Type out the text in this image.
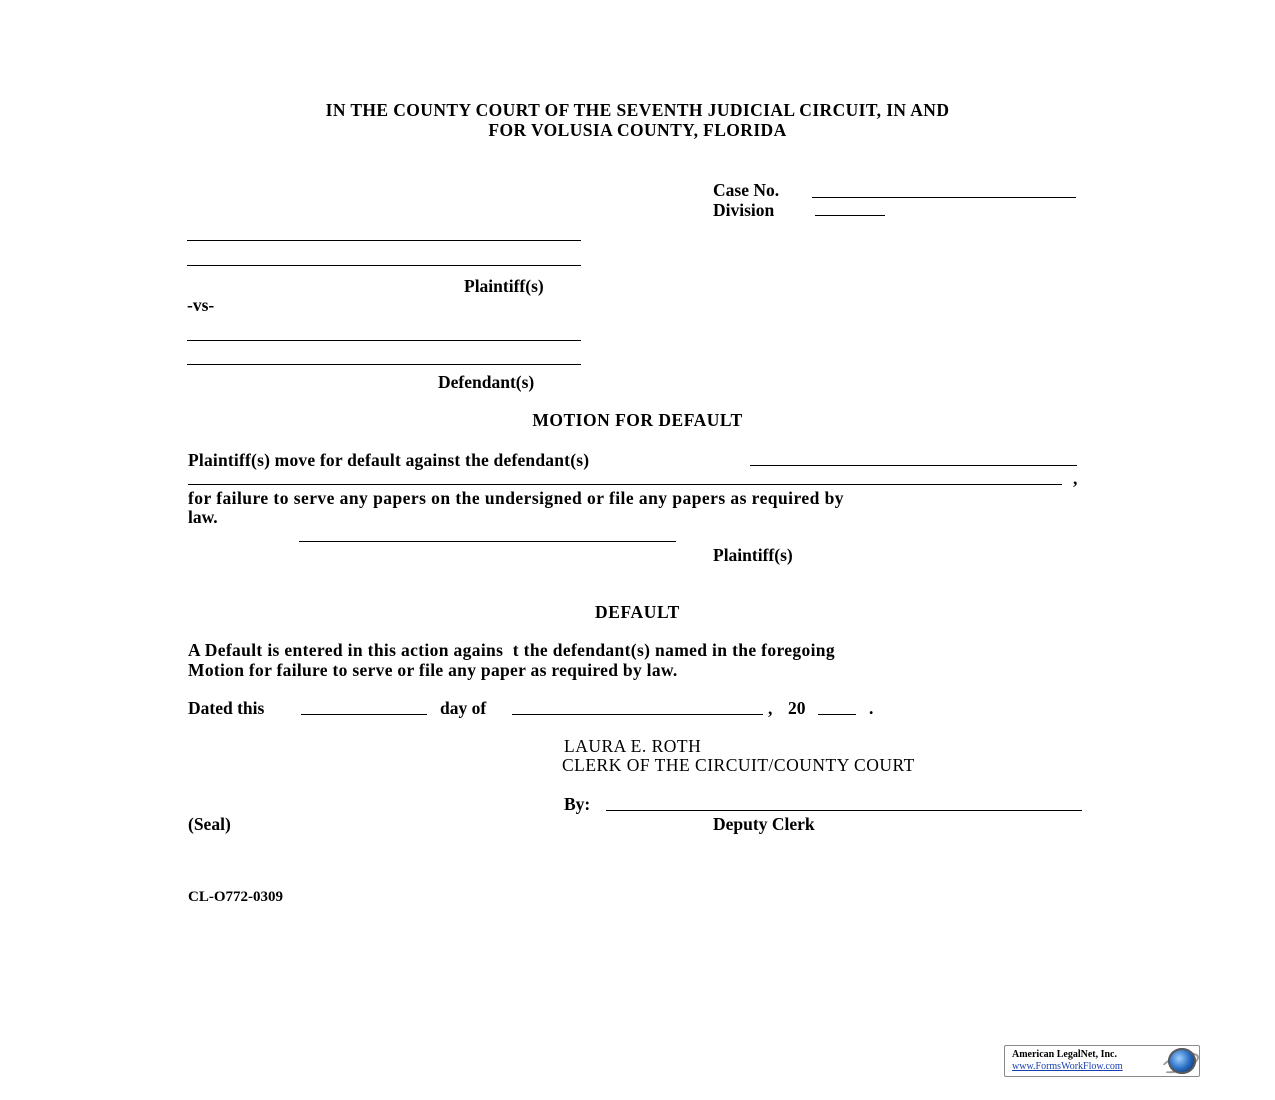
IN THE COUNTY COURT OF THE SEVENTH JUDICIAL CIRCUIT, IN AND
FOR VOLUSIA COUNTY, FLORIDA
Case No.
Division
Plaintiff(s)
-vs-
Defendant(s)
MOTION FOR DEFAULT
Plaintiff(s) move for default against the defendant(s)
,
for failure to serve any papers on the undersigned or file any papers as required by
law.
Plaintiff(s)
DEFAULT
A Default is entered in this action agains  t the defendant(s) named in the foregoing
Motion for failure to serve or file any paper as required by law.
Dated this	day of	, 20	.
LAURA E. ROTH
CLERK OF THE CIRCUIT/COUNTY COURT
By:
(Seal)	Deputy Clerk
CL-O772-0309
American LegalNet, Inc.
www.FormsWorkFlow.com
